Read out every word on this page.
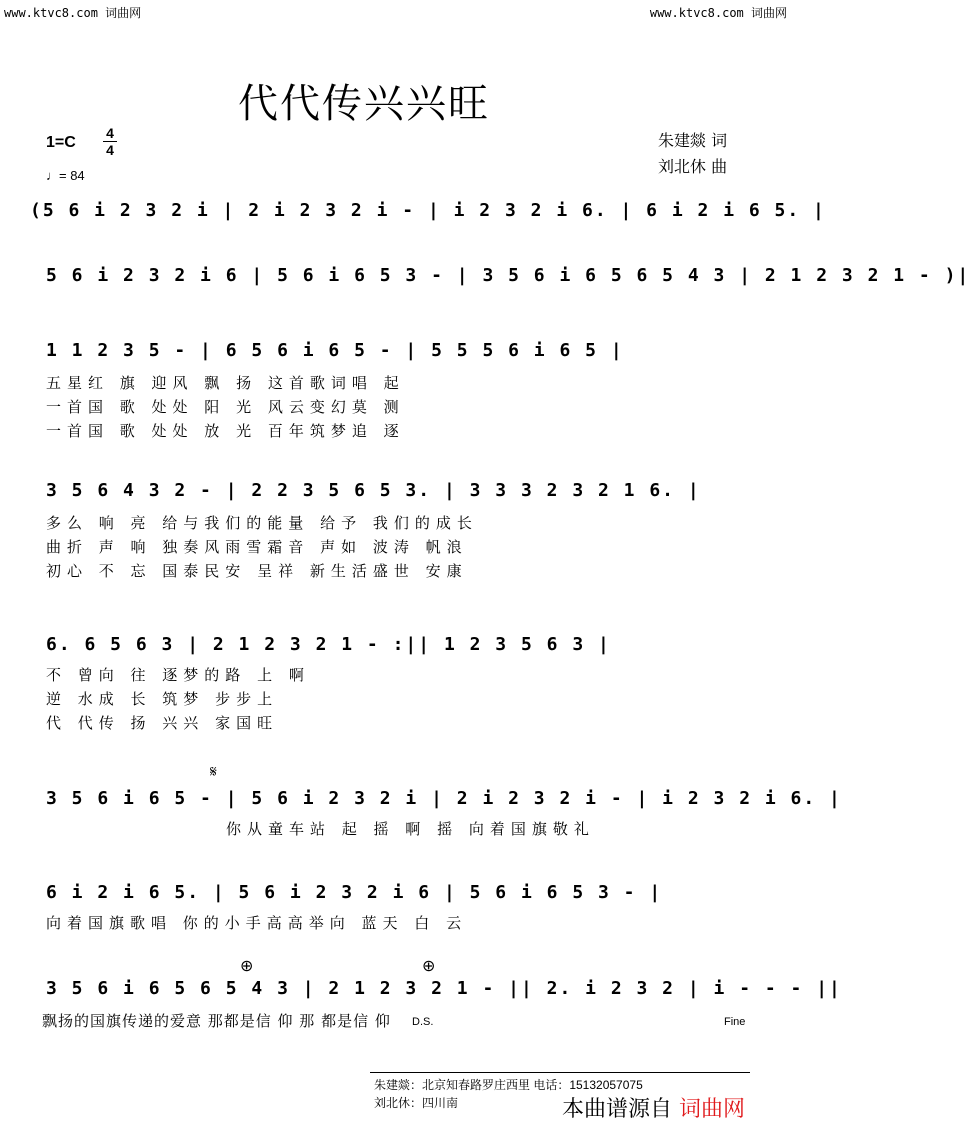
www.ktvc8.com 词曲网	www.ktvc8.com 词曲网
代代传兴兴旺
1=C
4
4
♩= 84
朱建燚 词
刘北休 曲
(5 6 i 2 3 2 i | 2 i 2 3 2 i - | i 2 3 2 i 6. | 6 i 2 i 6 5. |
5 6 i 2 3 2 i 6 | 5 6 i 6 5 3 - | 3 5 6 i 6 5 6 5 4 3 | 2 1 2 3 2 1 - )|
1 1 2 3 5 - | 6 5 6 i 6 5 - | 5 5 5 6 i 6 5 |
五星红 旗 迎风 飘 扬 这首歌词唱 起
一首国 歌 处处 阳 光 风云变幻莫 测
一首国 歌 处处 放 光 百年筑梦追 逐
3 5 6 4 3 2 - | 2 2 3 5 6 5 3. | 3 3 3 2 3 2 1 6. |
多么 响 亮 给与我们的能量 给予 我们的成长
曲折 声 响 独奏风雨雪霜音 声如 波涛 帆浪
初心 不 忘 国泰民安 呈祥 新生活盛世 安康
6. 6 5 6 3 | 2 1 2 3 2 1 - :|| 1 2 3 5 6 3 |
不 曾向 往 逐梦的路 上 啊
逆 水成 长 筑梦 步步上
代 代传 扬 兴兴 家国旺
𝄋
3 5 6 i 6 5 - | 5 6 i 2 3 2 i | 2 i 2 3 2 i - | i 2 3 2 i 6. |
你从童车站 起 摇 啊 摇 向着国旗敬礼
6 i 2 i 6 5. | 5 6 i 2 3 2 i 6 | 5 6 i 6 5 3 - |
向着国旗歌唱 你的小手高高举向 蓝天 白 云
⊕	⊕
3 5 6 i 6 5 6 5 4 3 | 2 1 2 3 2 1 - || 2. i 2 3 2 | i - - - ||
飘扬的国旗传递的爱意 那都是信 仰 那 都是信 仰 D.S.	Fine
朱建燚：北京知春路罗庄西里 电话：15132057075
刘北休：四川南	本曲谱源自 词曲网
